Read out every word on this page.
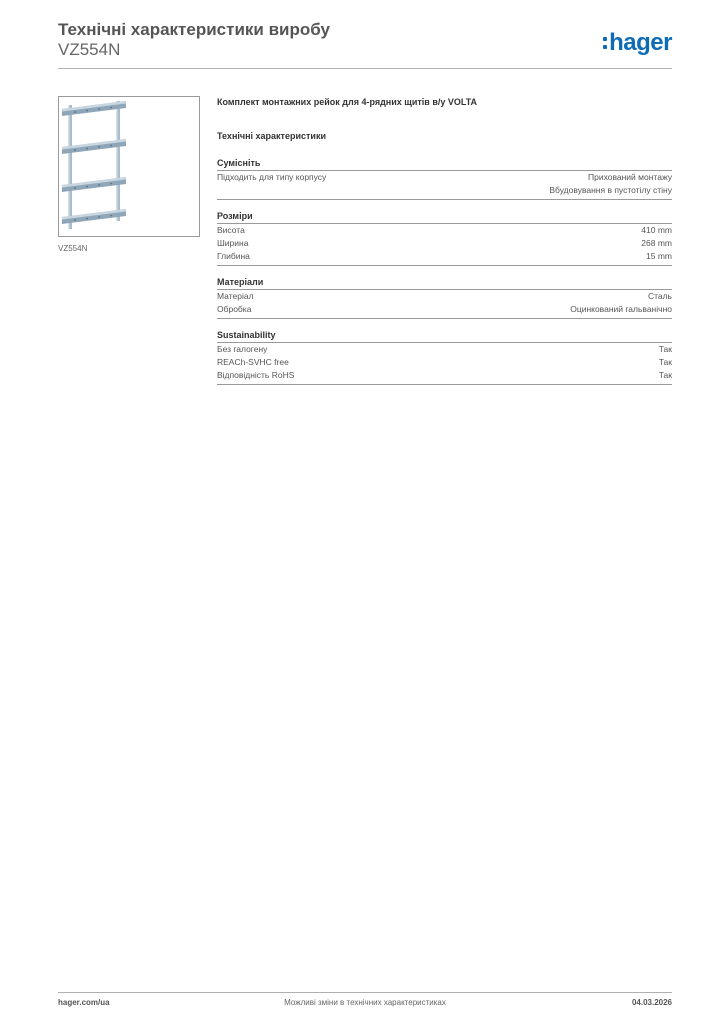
Технічні характеристики виробу

VZ554N	hager
VZ554N

Комплект монтажних рейок для 4-рядних щитів в/у VOLTA

Технічні характеристики

Сумісніть
Підходить для типу корпусу	Прихований монтажу
Вбудовування в пустотілу стіну
Розміри
Висота	410 mm
Ширина	268 mm
Глибина	15 mm
Матеріали
Матеріал	Сталь
Обробка	Оцинкований гальванічно
Sustainability
Без галогену	Так
REACh-SVHC free	Так
Відповідність RoHS	Так
hager.com/ua	Можливі зміни в технічних характеристиках	04.03.2026
